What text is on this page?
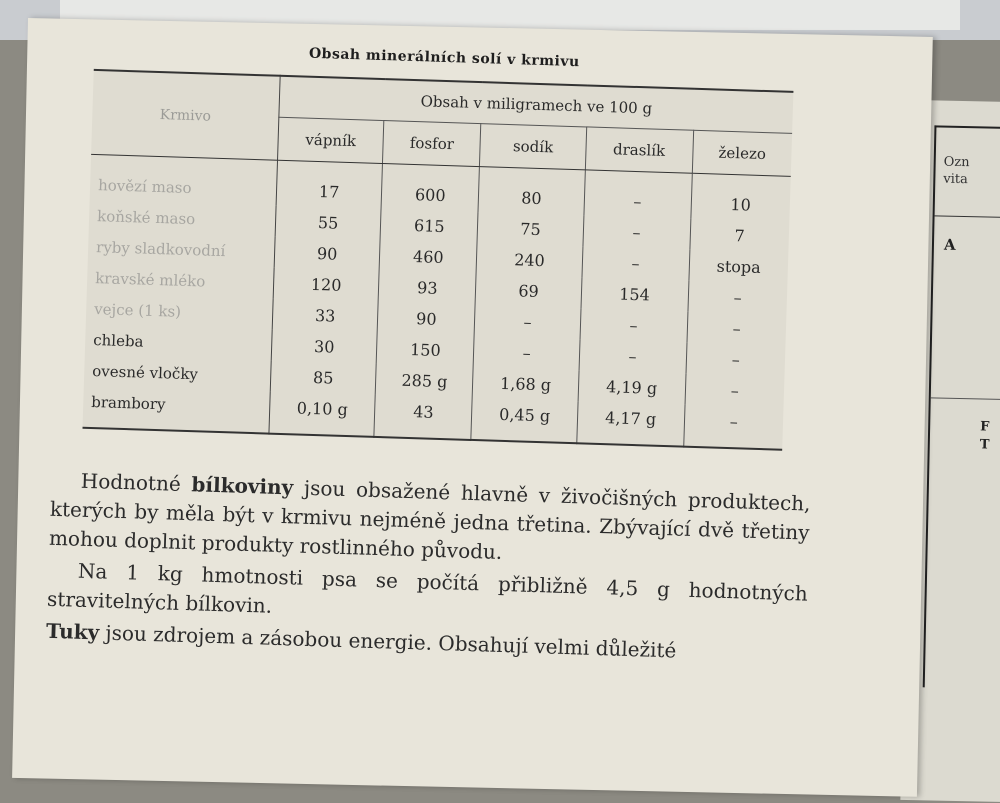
Ozn
vita
A
F
T
Obsah minerálních solí v krmivu
Krmivo	Obsah v miligramech ve 100 g				
	vápník	fosfor	sodík	draslík	železo
hovězí maso	17	600	80	–	10
koňské maso	55	615	75	–	7
ryby sladkovodní	90	460	240	–	stopa
kravské mléko	120	93	69	154	–
vejce (1 ks)	33	90	–	–	–
chleba	30	150	–	–	–
ovesné vločky	85	285 g	1,68 g	4,19 g	–
brambory	0,10 g	43	0,45 g	4,17 g	–

Hodnotné bílkoviny jsou obsažené hlavně v živočišných produktech, kterých by měla být v krmivu nejméně jedna třetina. Zbývající dvě třetiny mohou doplnit produkty rostlinného původu.

Na 1 kg hmotnosti psa se počítá přibližně 4,5 g hodnotných stravitelných bílkovin.

Tuky jsou zdrojem a zásobou energie. Obsahují velmi důležité
